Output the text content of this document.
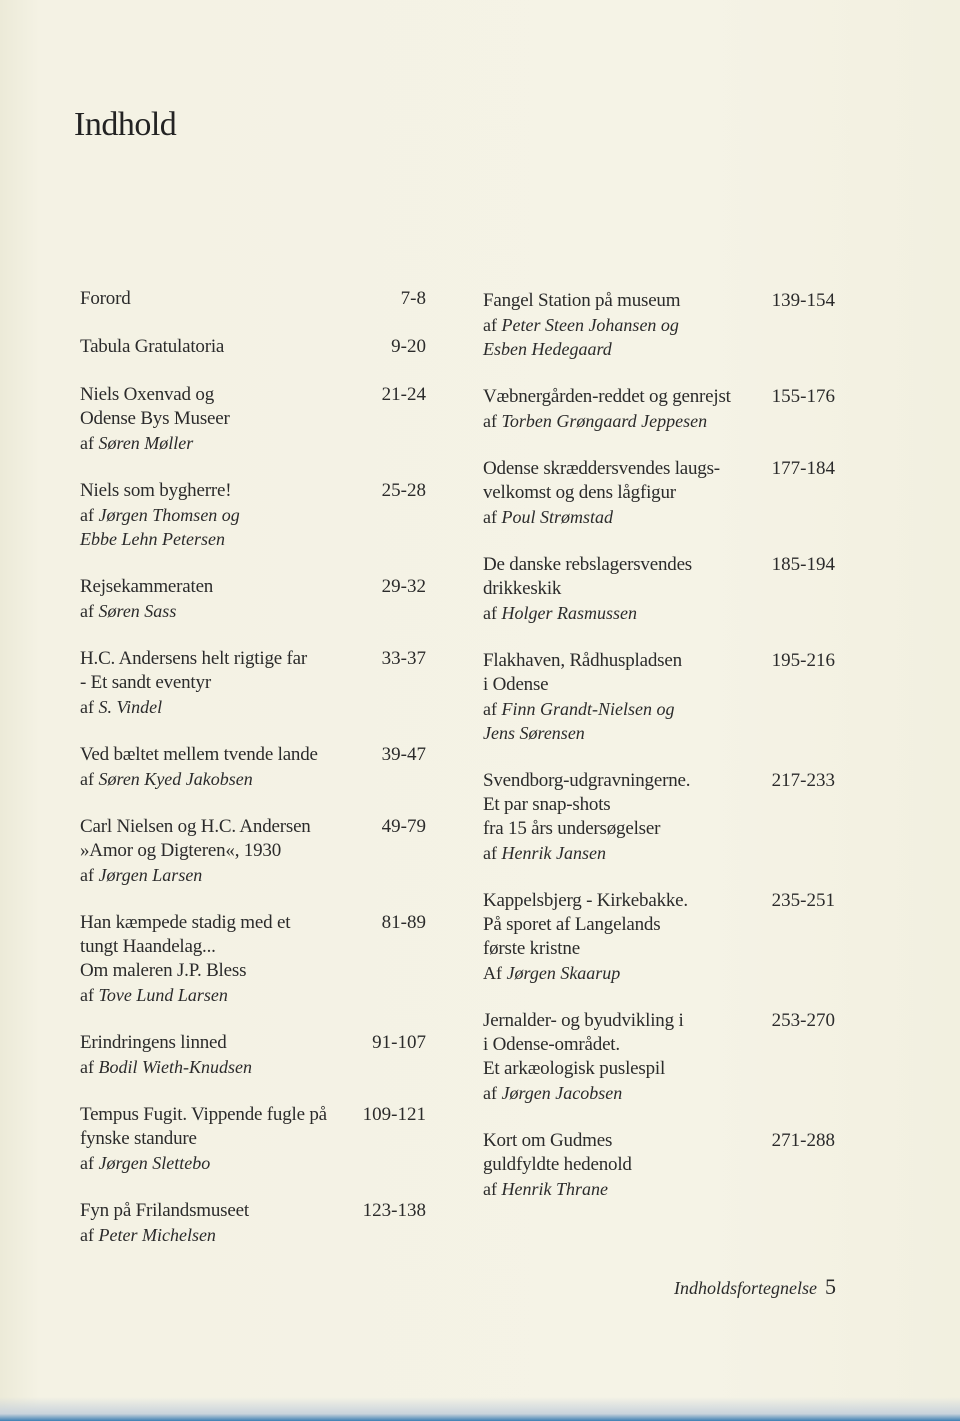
Indhold
Forord	7-8
Tabula Gratulatoria	9-20
Niels Oxenvad og
Odense Bys Museer
af Søren Møller
21-24
Niels som bygherre!
af Jørgen Thomsen og
Ebbe Lehn Petersen
25-28
Rejsekammeraten
af Søren Sass
29-32
H.C. Andersens helt rigtige far
- Et sandt eventyr
af S. Vindel
33-37
Ved bæltet mellem tvende lande
af Søren Kyed Jakobsen
39-47
Carl Nielsen og H.C. Andersen
»Amor og Digteren«, 1930
af Jørgen Larsen
49-79
Han kæmpede stadig med et
tungt Haandelag...
Om maleren J.P. Bless
af Tove Lund Larsen
81-89
Erindringens linned
af Bodil Wieth-Knudsen
91-107
Tempus Fugit. Vippende fugle på
fynske standure
af Jørgen Slettebo
109-121
Fyn på Frilandsmuseet
af Peter Michelsen
123-138
Fangel Station på museum
af Peter Steen Johansen og
Esben Hedegaard
139-154
Væbnergården-reddet og genrejst
af Torben Grøngaard Jeppesen
155-176
Odense skræddersvendes laugs-
velkomst og dens lågfigur
af Poul Strømstad
177-184
De danske rebslagersvendes
drikkeskik
af Holger Rasmussen
185-194
Flakhaven, Rådhuspladsen
i Odense
af Finn Grandt-Nielsen og
Jens Sørensen
195-216
Svendborg-udgravningerne.
Et par snap-shots
fra 15 års undersøgelser
af Henrik Jansen
217-233
Kappelsbjerg - Kirkebakke.
På sporet af Langelands
første kristne
Af Jørgen Skaarup
235-251
Jernalder- og byudvikling i
i Odense-området.
Et arkæologisk puslespil
af Jørgen Jacobsen
253-270
Kort om Gudmes
guldfyldte hedenold
af Henrik Thrane
271-288
Indholdsfortegnelse 5
